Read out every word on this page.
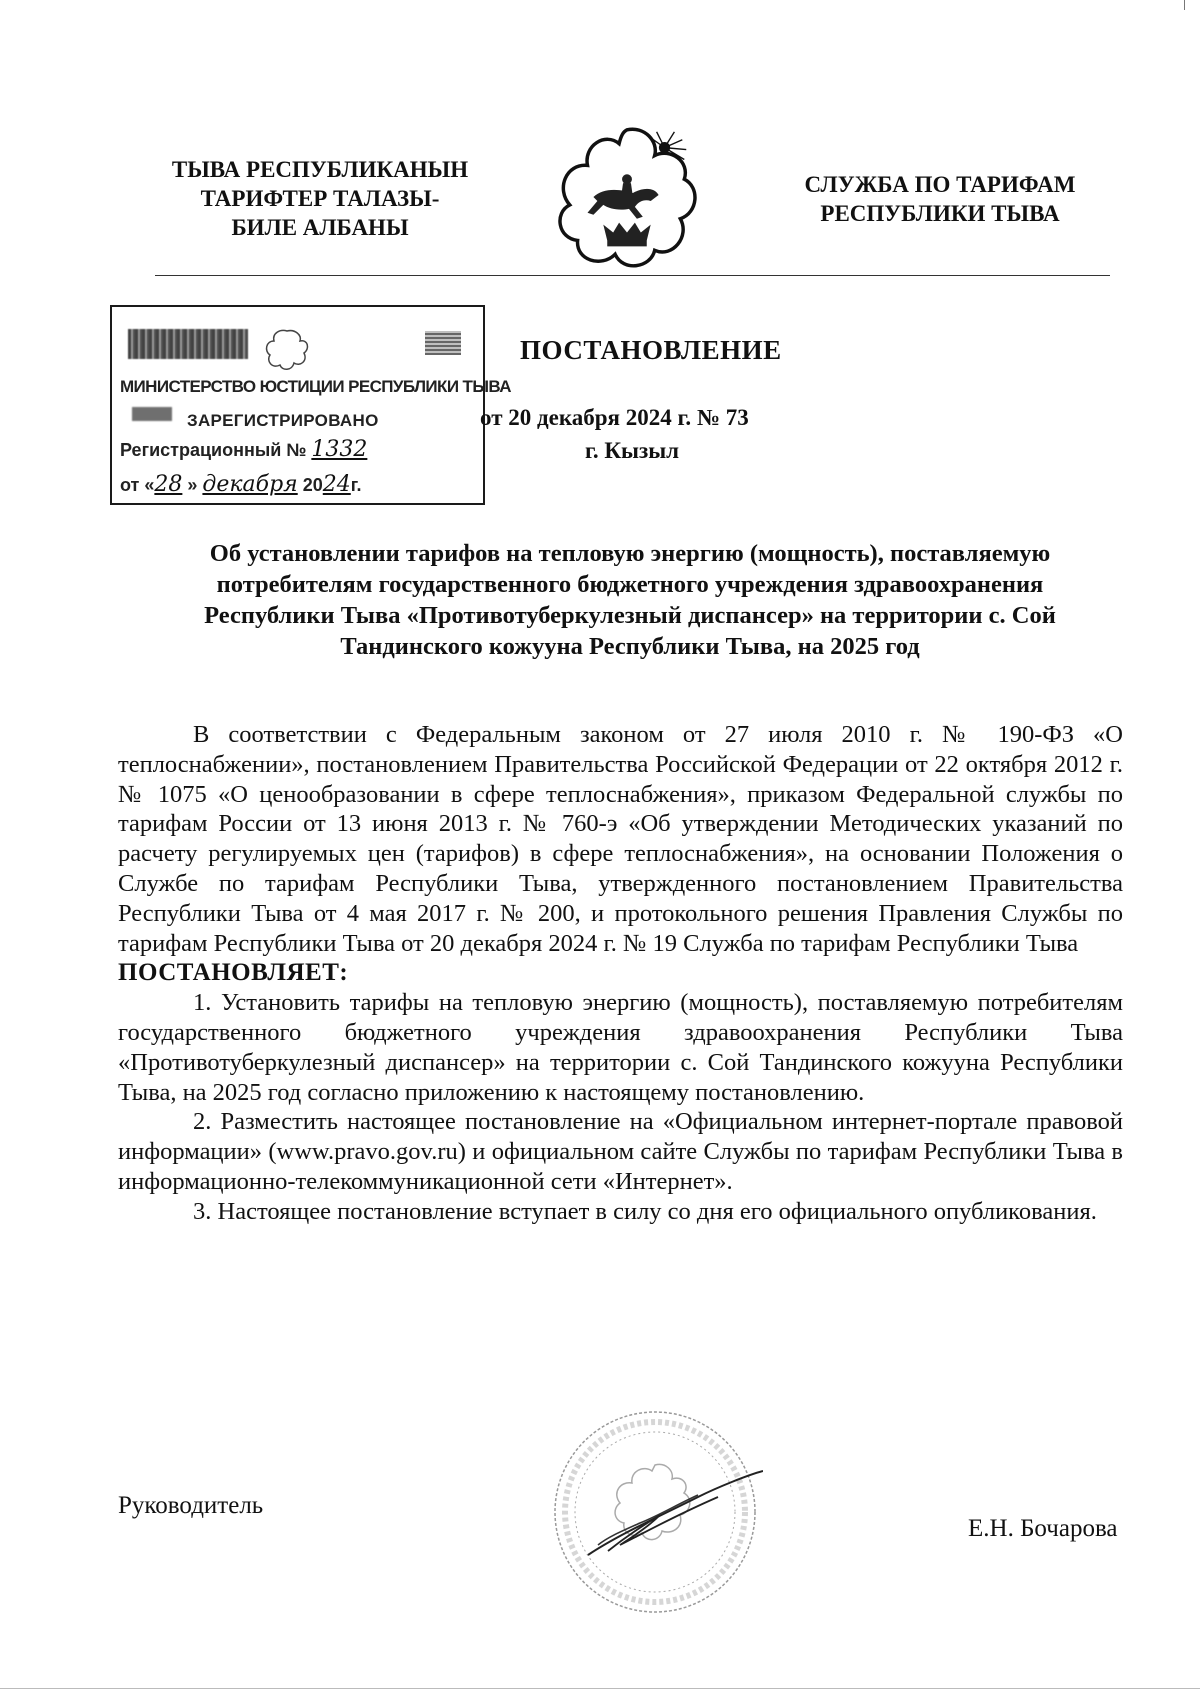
ТЫВА РЕСПУБЛИКАНЫН
ТАРИФТЕР ТАЛАЗЫ-
БИЛЕ АЛБАНЫ
СЛУЖБА ПО ТАРИФАМ
РЕСПУБЛИКИ ТЫВА
МИНИСТЕРСТВО ЮСТИЦИИ РЕСПУБЛИКИ ТЫВА
ЗАРЕГИСТРИРОВАНО
Регистрационный № 1332
от «28 » декабря 2024г.
ПОСТАНОВЛЕНИЕ
от 20 декабря 2024 г. № 73
г. Кызыл
Об установлении тарифов на тепловую энергию (мощность), поставляемую
потребителям государственного бюджетного учреждения здравоохранения
Республики Тыва «Противотуберкулезный диспансер» на территории с. Сой
Тандинского кожууна Республики Тыва, на 2025 год

В соответствии с Федеральным законом от 27 июля 2010 г. № 190-ФЗ «О теплоснабжении», постановлением Правительства Российской Федерации от 22 октября 2012 г. № 1075 «О ценообразовании в сфере теплоснабжения», приказом Федеральной службы по тарифам России от 13 июня 2013 г. № 760-э «Об утверждении Методических указаний по расчету регулируемых цен (тарифов) в сфере теплоснабжения», на основании Положения о Службе по тарифам Республики Тыва, утвержденного постановлением Правительства Республики Тыва от 4 мая 2017 г. № 200, и протокольного решения Правления Службы по тарифам Республики Тыва от 20 декабря 2024 г. № 19 Служба по тарифам Республики Тыва

ПОСТАНОВЛЯЕТ:

1. Установить тарифы на тепловую энергию (мощность), поставляемую потребителям государственного бюджетного учреждения здравоохранения Республики Тыва «Противотуберкулезный диспансер» на территории с. Сой Тандинского кожууна Республики Тыва, на 2025 год согласно приложению к настоящему постановлению.

2. Разместить настоящее постановление на «Официальном интернет-портале правовой информации» (www.pravo.gov.ru) и официальном сайте Службы по тарифам Республики Тыва в информационно-телекоммуникационной сети «Интернет».

3. Настоящее постановление вступает в силу со дня его официального опубликования.

Руководитель
Е.Н. Бочарова
